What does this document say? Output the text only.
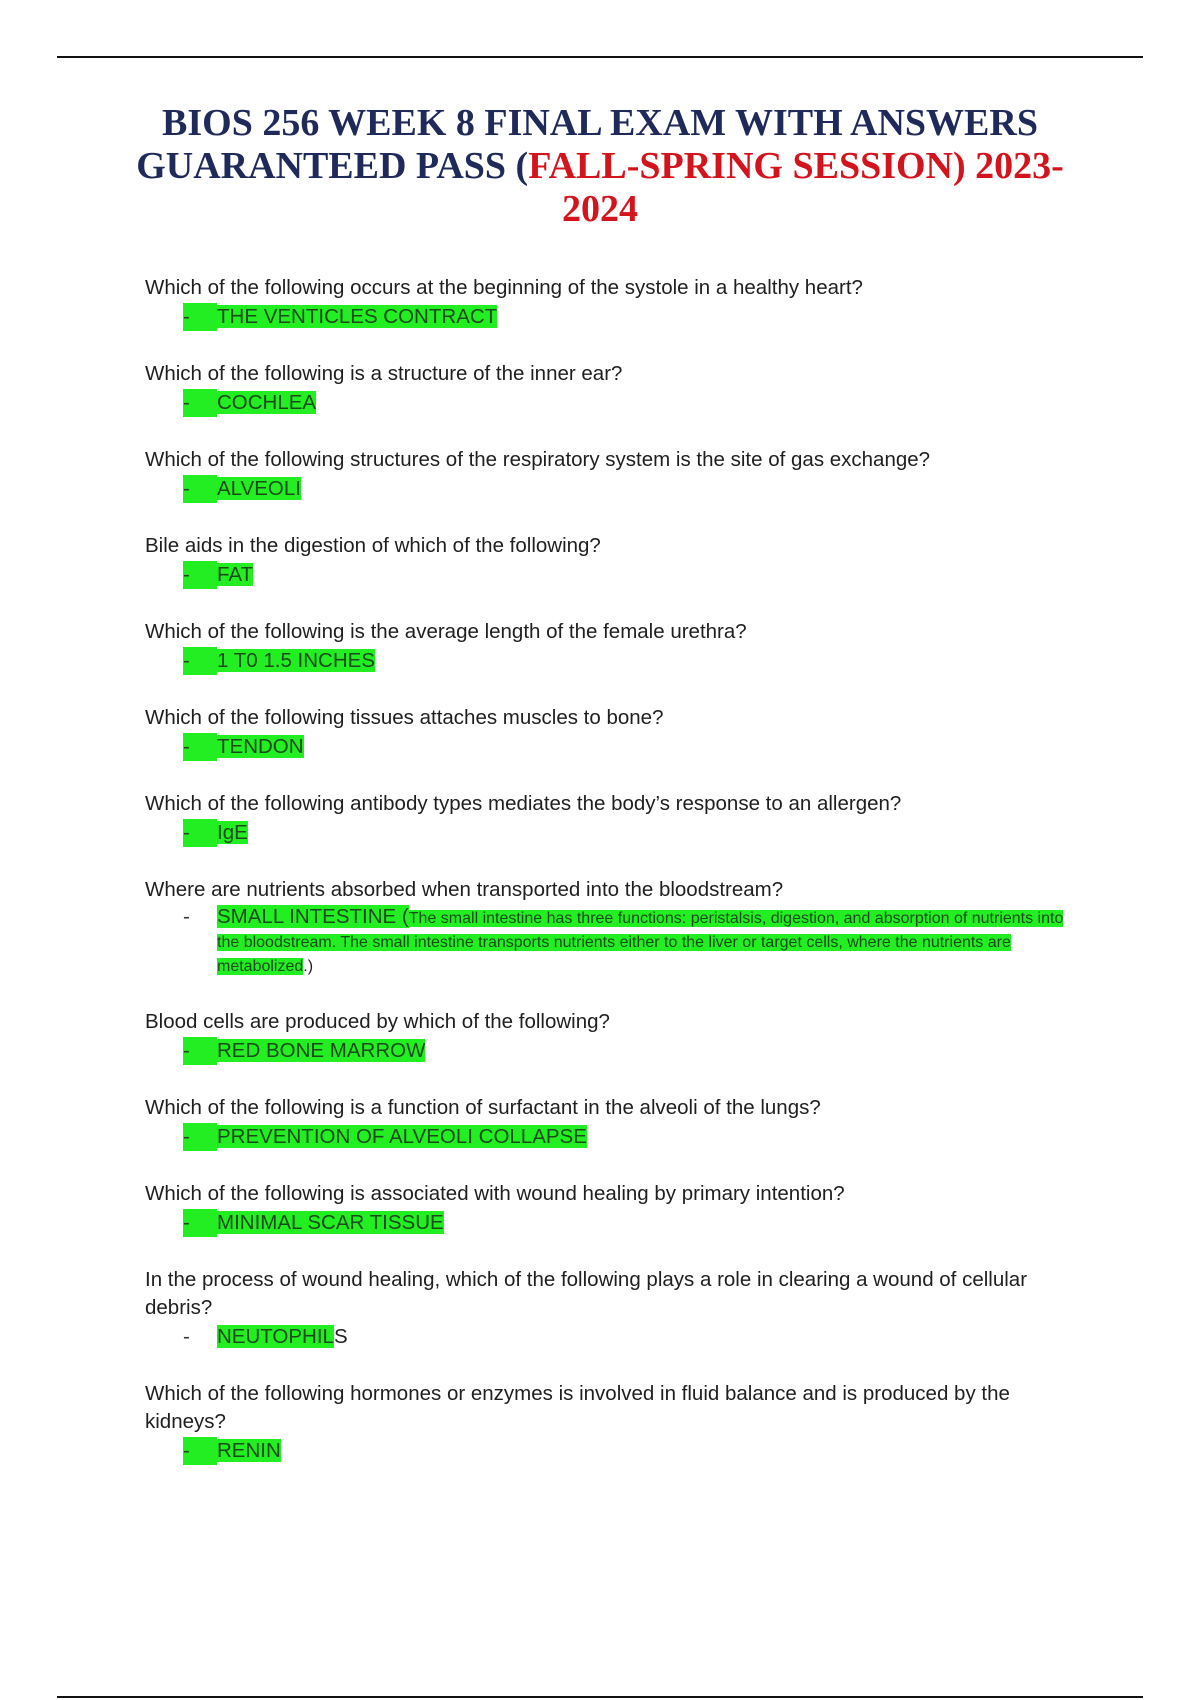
BIOS 256 WEEK 8 FINAL EXAM WITH ANSWERS
GUARANTEED PASS (FALL-SPRING SESSION) 2023-
2024
Which of the following occurs at the beginning of the systole in a healthy heart?
-	THE VENTICLES CONTRACT
Which of the following is a structure of the inner ear?
-	COCHLEA
Which of the following structures of the respiratory system is the site of gas exchange?
-	ALVEOLI
Bile aids in the digestion of which of the following?
-	FAT
Which of the following is the average length of the female urethra?
-	1 T0 1.5 INCHES
Which of the following tissues attaches muscles to bone?
-	TENDON
Which of the following antibody types mediates the body’s response to an allergen?
-	IgE
Where are nutrients absorbed when transported into the bloodstream?
- SMALL INTESTINE (The small intestine has three functions: peristalsis, digestion, and absorption of nutrients into the bloodstream. The small intestine transports nutrients either to the liver or target cells, where the nutrients are metabolized.)
Blood cells are produced by which of the following?
-	RED BONE MARROW
Which of the following is a function of surfactant in the alveoli of the lungs?
-	PREVENTION OF ALVEOLI COLLAPSE
Which of the following is associated with wound healing by primary intention?
-	MINIMAL SCAR TISSUE
In the process of wound healing, which of the following plays a role in clearing a wound of cellular debris?
- NEUTOPHILS
Which of the following hormones or enzymes is involved in fluid balance and is produced by the kidneys?
-	RENIN
